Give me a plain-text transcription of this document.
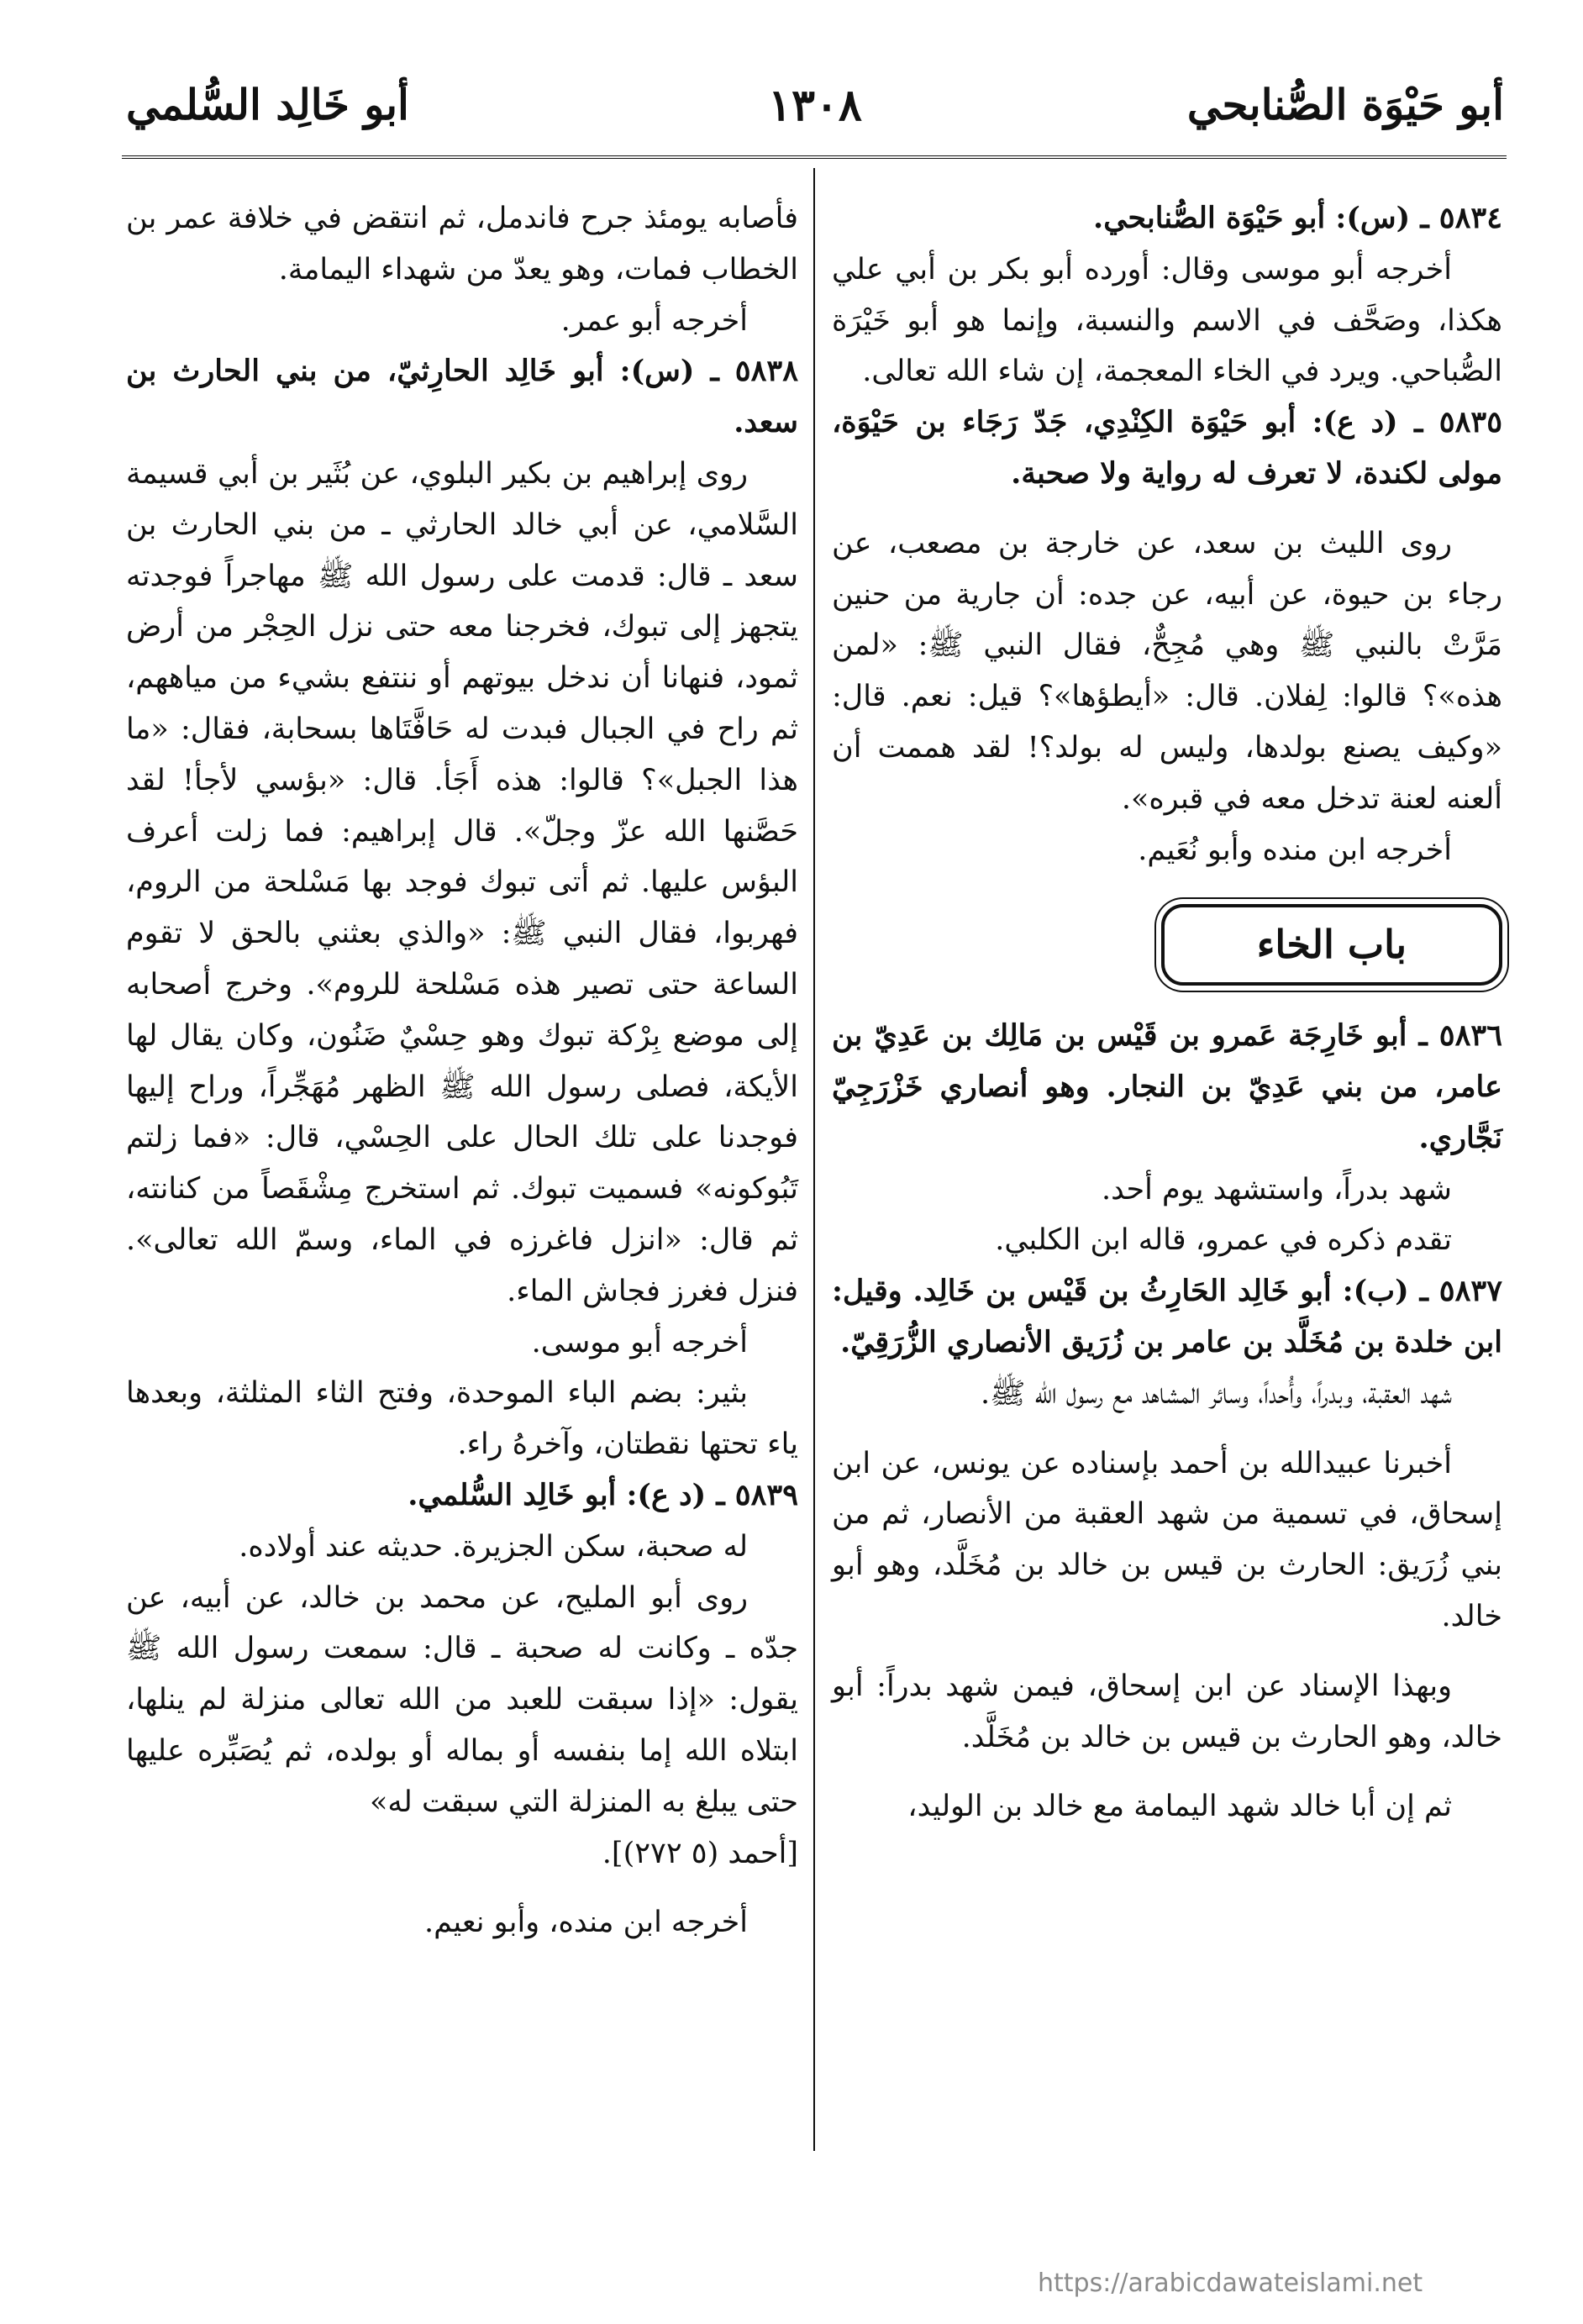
أبو حَيْوَة الصُّنابحي
١٣٠٨
أبو خَالِد السُّلمي

٥٨٣٤ ـ (س): أبو حَيْوَة الصُّنابحي.

أخرجه أبو موسى وقال: أورده أبو بكر بن أبي علي هكذا، وصَحَّف في الاسم والنسبة، وإنما هو أبو خَيْرَة الصُّباحي. ويرد في الخاء المعجمة، إن شاء الله تعالى.

٥٨٣٥ ـ (د ع): أبو حَيْوَة الكِنْدِي، جَدّ رَجَاء بن حَيْوَة، مولى لكندة، لا تعرف له رواية ولا صحبة.

روى الليث بن سعد، عن خارجة بن مصعب، عن رجاء بن حيوة، عن أبيه، عن جده: أن جارية من حنين مَرَّتْ بالنبي ﷺ وهي مُجِحٌّ، فقال النبي ﷺ: «لمن هذه»؟ قالوا: لِفلان. قال: «أيطؤها»؟ قيل: نعم. قال: «وكيف يصنع بولدها، وليس له بولد؟! لقد هممت أن ألعنه لعنة تدخل معه في قبره».

أخرجه ابن منده وأبو نُعَيم.

باب الخاء

٥٨٣٦ ـ أبو خَارِجَة عَمرو بن قَيْس بن مَالِك بن عَدِيّ بن عامر، من بني عَدِيّ بن النجار. وهو أنصاري خَزْرَجِيّ نَجَّاري.

شهد بدراً، واستشهد يوم أحد.

تقدم ذكره في عمرو، قاله ابن الكلبي.

٥٨٣٧ ـ (ب): أبو خَالِد الحَارِثُ بن قَيْس بن خَالِد. وقيل: ابن خلدة بن مُخَلَّد بن عامر بن زُرَيق الأنصاري الزُّرَقِيّ.

شهد العقبة، وبدراً، وأُحداً، وسائر المشاهد مع رسول الله ﷺ.

أخبرنا عبيدالله بن أحمد بإسناده عن يونس، عن ابن إسحاق، في تسمية من شهد العقبة من الأنصار، ثم من بني زُرَيق: الحارث بن قيس بن خالد بن مُخَلَّد، وهو أبو خالد.

وبهذا الإسناد عن ابن إسحاق، فيمن شهد بدراً: أبو خالد، وهو الحارث بن قيس بن خالد بن مُخَلَّد.

ثم إن أبا خالد شهد اليمامة مع خالد بن الوليد،

فأصابه يومئذ جرح فاندمل، ثم انتقض في خلافة عمر بن الخطاب فمات، وهو يعدّ من شهداء اليمامة.

أخرجه أبو عمر.

٥٨٣٨ ـ (س): أبو خَالِد الحارِثيّ، من بني الحارث بن سعد.

روى إبراهيم بن بكير البلوي، عن بُثَير بن أبي قسيمة السَّلامي، عن أبي خالد الحارثي ـ من بني الحارث بن سعد ـ قال: قدمت على رسول الله ﷺ مهاجراً فوجدته يتجهز إلى تبوك، فخرجنا معه حتى نزل الحِجْر من أرض ثمود، فنهانا أن ندخل بيوتهم أو ننتفع بشيء من مياههم، ثم راح في الجبال فبدت له حَافَّتَاها بسحابة، فقال: «ما هذا الجبل»؟ قالوا: هذه أَجَأ. قال: «بؤسي لأجأ! لقد حَصَّنها الله عزّ وجلّ». قال إبراهيم: فما زلت أعرف البؤس عليها. ثم أتى تبوك فوجد بها مَسْلحة من الروم، فهربوا، فقال النبي ﷺ: «والذي بعثني بالحق لا تقوم الساعة حتى تصير هذه مَسْلحة للروم». وخرج أصحابه إلى موضع بِرْكة تبوك وهو حِسْيٌ ضَنُون، وكان يقال لها الأيكة، فصلى رسول الله ﷺ الظهر مُهَجِّراً، وراح إليها فوجدنا على تلك الحال على الحِسْي، قال: «فما زلتم تَبُوكونه» فسميت تبوك. ثم استخرج مِشْقَصاً من كنانته، ثم قال: «انزل فاغرزه في الماء، وسمّ الله تعالى». فنزل فغرز فجاش الماء.

أخرجه أبو موسى.

بثير: بضم الباء الموحدة، وفتح الثاء المثلثة، وبعدها ياء تحتها نقطتان، وآخرهُ راء.

٥٨٣٩ ـ (د ع): أبو خَالِد السُّلمي.

له صحبة، سكن الجزيرة. حديثه عند أولاده.

روى أبو المليح، عن محمد بن خالد، عن أبيه، عن جدّه ـ وكانت له صحبة ـ قال: سمعت رسول الله ﷺ يقول: «إذا سبقت للعبد من الله تعالى منزلة لم ينلها، ابتلاه الله إما بنفسه أو بماله أو بولده، ثم يُصَبِّره عليها حتى يبلغ به المنزلة التي سبقت له»

[أحمد (٥ ٢٧٢)].

أخرجه ابن منده، وأبو نعيم.

https://arabicdawateislami.net
